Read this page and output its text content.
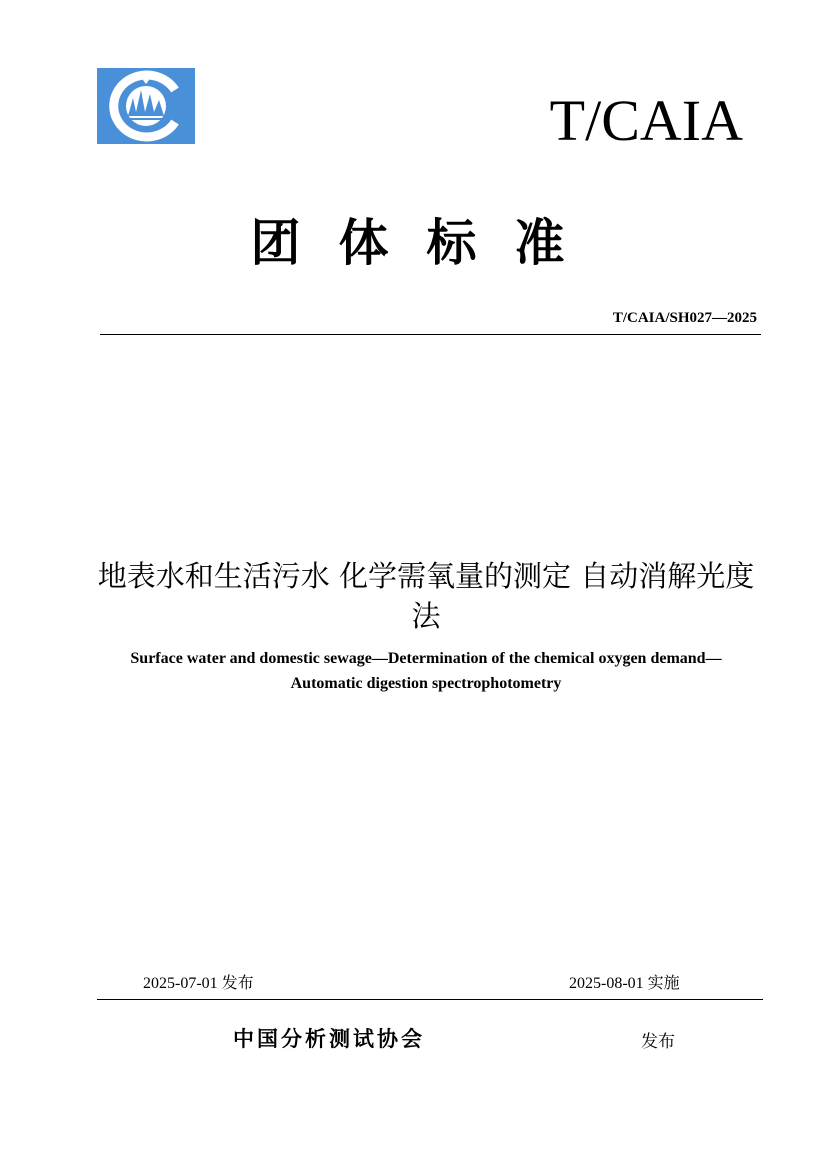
T/CAIA
团体标准
T/CAIA/SH027—2025
地表水和生活污水 化学需氧量的测定 自动消解光度法
Surface water and domestic sewage—Determination of the chemical oxygen demand—Automatic digestion spectrophotometry
2025-07-01 发布	2025-08-01 实施
中国分析测试协会	发布
